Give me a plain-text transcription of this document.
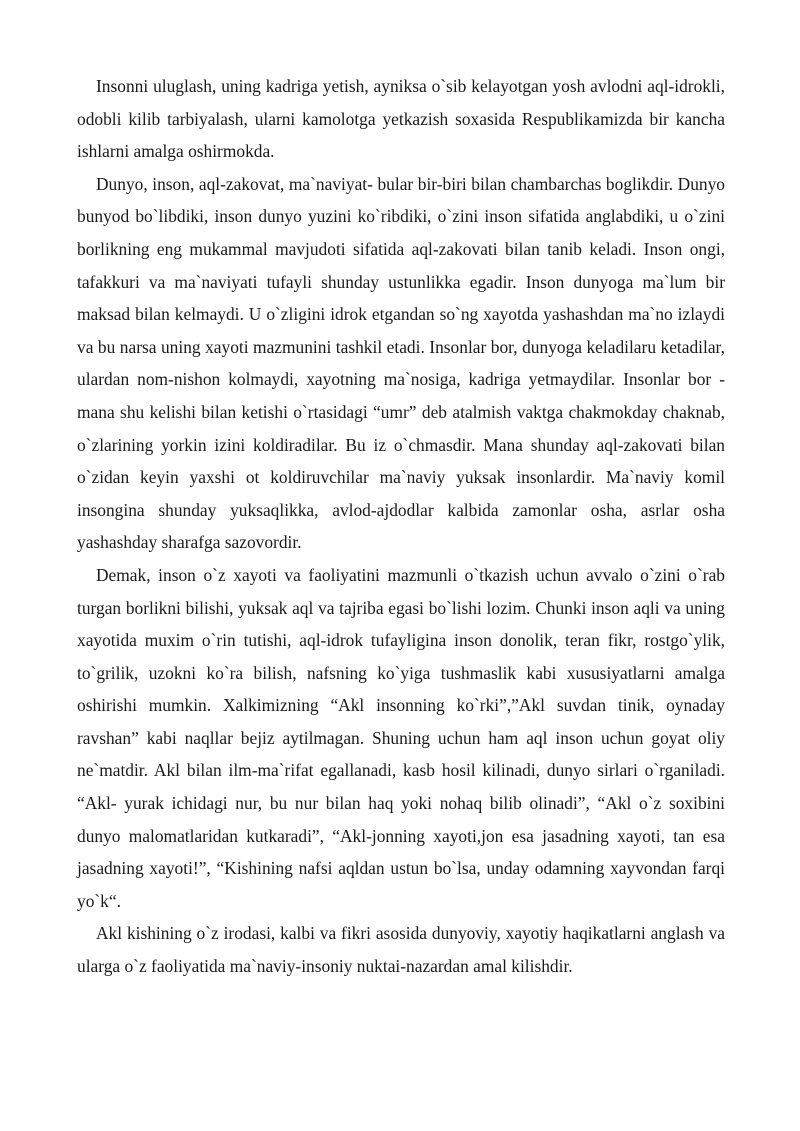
Insonni uluglash, uning kadriga yetish, ayniksa o`sib kelayotgan yosh avlodni aql-idrokli, odobli kilib tarbiyalash, ularni kamolotga yetkazish soxasida Respublikamizda bir kancha ishlarni amalga oshirmokda.

Dunyo, inson, aql-zakovat, ma`naviyat- bular bir-biri bilan chambarchas boglikdir. Dunyo bunyod bo`libdiki, inson dunyo yuzini ko`ribdiki, o`zini inson sifatida anglabdiki, u o`zini borlikning eng mukammal mavjudoti sifatida aql-zakovati bilan tanib keladi. Inson ongi, tafakkuri va ma`naviyati tufayli shunday ustunlikka egadir. Inson dunyoga ma`lum bir maksad bilan kelmaydi. U o`zligini idrok etgandan so`ng xayotda yashashdan ma`no izlaydi va bu narsa uning xayoti mazmunini tashkil etadi. Insonlar bor, dunyoga keladilaru ketadilar, ulardan nom-nishon kolmaydi, xayotning ma`nosiga, kadriga yetmaydilar. Insonlar bor - mana shu kelishi bilan ketishi o`rtasidagi “umr” deb atalmish vaktga chakmokday chaknab, o`zlarining yorkin izini koldiradilar. Bu iz o`chmasdir. Mana shunday aql-zakovati bilan o`zidan keyin yaxshi ot koldiruvchilar ma`naviy yuksak insonlardir. Ma`naviy komil insongina shunday yuksaqlikka, avlod-ajdodlar kalbida zamonlar osha, asrlar osha yashashday sharafga sazovordir.

Demak, inson o`z xayoti va faoliyatini mazmunli o`tkazish uchun avvalo o`zini o`rab turgan borlikni bilishi, yuksak aql va tajriba egasi bo`lishi lozim. Chunki inson aqli va uning xayotida muxim o`rin tutishi, aql-idrok tufayligina inson donolik, teran fikr, rostgo`ylik, to`grilik, uzokni ko`ra bilish, nafsning ko`yiga tushmaslik kabi xususiyatlarni amalga oshirishi mumkin. Xalkimizning “Akl insonning ko`rki”,”Akl suvdan tinik, oynaday ravshan” kabi naqllar bejiz aytilmagan. Shuning uchun ham aql inson uchun goyat oliy ne`matdir. Akl bilan ilm-ma`rifat egallanadi, kasb hosil kilinadi, dunyo sirlari o`rganiladi. “Akl- yurak ichidagi nur, bu nur bilan haq yoki nohaq bilib olinadi”, “Akl o`z soxibini dunyo malomatlaridan kutkaradi”, “Akl-jonning xayoti,jon esa jasadning xayoti, tan esa jasadning xayoti!”, “Kishining nafsi aqldan ustun bo`lsa, unday odamning xayvondan farqi yo`k“.

Akl kishining o`z irodasi, kalbi va fikri asosida dunyoviy, xayotiy haqikatlarni anglash va ularga o`z faoliyatida ma`naviy-insoniy nuktai-nazardan amal kilishdir.
